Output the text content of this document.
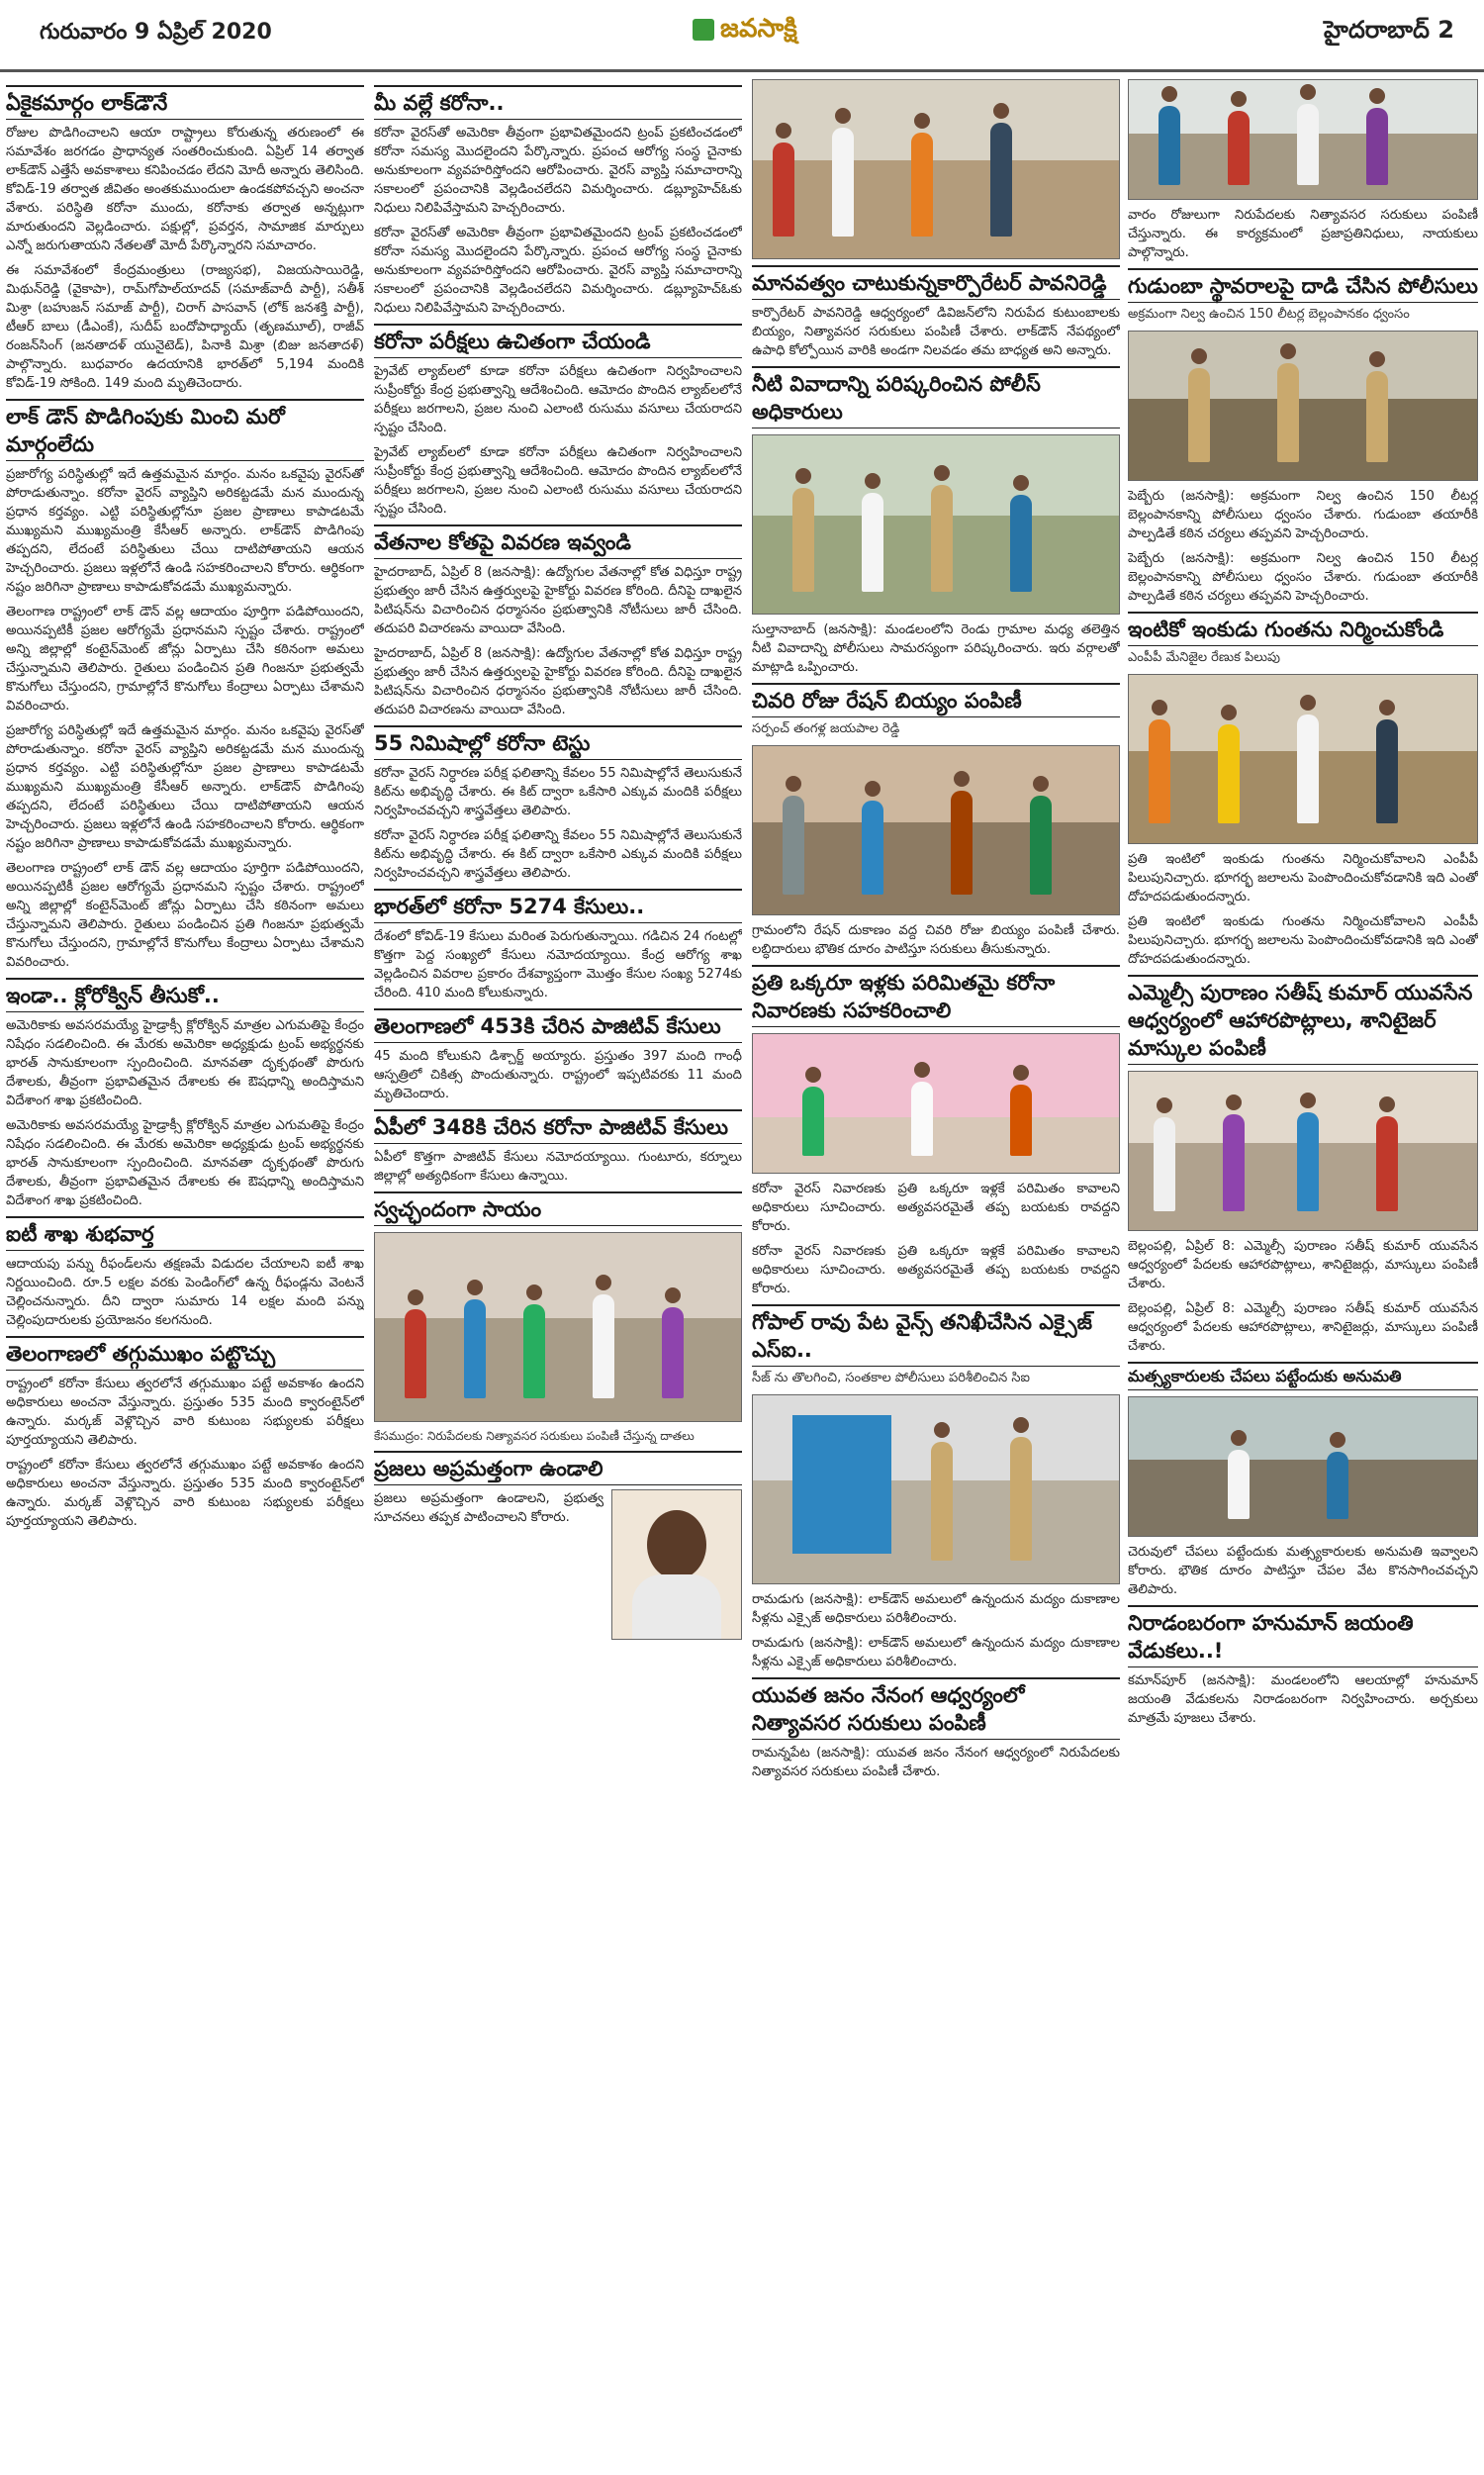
గురువారం 9 ఏప్రిల్ 2020	జవసాక్షి	హైదరాబాద్ 2
ఏకైకమార్గం లాక్‌డౌనే
రోజుల పొడిగించాలని ఆయా రాష్ట్రాలు కోరుతున్న తరుణంలో ఈ సమావేశం జరగడం ప్రాధాన్యత సంతరించుకుంది. ఏప్రిల్ 14 తర్వాత లాక్‌డౌన్ ఎత్తేసే అవకాశాలు కనిపించడం లేదని మోదీ అన్నారు తెలిసింది. కోవిడ్-19 తర్వాత జీవితం అంతకుముందులా ఉండకపోవచ్చని అంచనా వేశారు. పరిస్థితి కరోనా ముందు, కరోనాకు తర్వాత అన్నట్లుగా మారుతుందని వెల్లడించారు. పక్షుల్లో, ప్రవర్తన, సామాజిక మార్పులు ఎన్నో జరుగుతాయని నేతలతో మోదీ పేర్కొన్నారని సమాచారం.
ఈ సమావేశంలో కేంద్రమంత్రులు (రాజ్యసభ), విజయసాయిరెడ్డి, మిథున్‌రెడ్డి (వైకాపా), రామ్‌గోపాల్‌యాదవ్ (సమాజ్‌వాదీ పార్టీ), సతీశ్ మిశ్రా (బహుజన్ సమాజ్ పార్టీ), చిరాగ్ పాసవాన్ (లోక్ జనశక్తి పార్టీ), టీఆర్ బాలు (డీఎంకే), సుదీప్ బందోపాధ్యాయ్ (తృణమూల్), రాజీవ్ రంజన్‌సింగ్ (జనతాదళ్ యునైటెడ్), పినాకి మిశ్రా (బిజు జనతాదళ్) పాల్గొన్నారు. బుధవారం ఉదయానికి భారత్‌లో 5,194 మందికి కోవిడ్-19 సోకింది. 149 మంది మృతిచెందారు.
లాక్ డౌన్ పొడిగింపుకు మించి మరో మార్గంలేదు
ప్రజారోగ్య పరిస్థితుల్లో ఇదే ఉత్తమమైన మార్గం. మనం ఒకవైపు వైరస్‌తో పోరాడుతున్నాం. కరోనా వైరస్ వ్యాప్తిని అరికట్టడమే మన ముందున్న ప్రధాన కర్తవ్యం. ఎట్టి పరిస్థితుల్లోనూ ప్రజల ప్రాణాలు కాపాడటమే ముఖ్యమని ముఖ్యమంత్రి కేసీఆర్ అన్నారు. లాక్‌డౌన్ పొడిగింపు తప్పదని, లేదంటే పరిస్థితులు చేయి దాటిపోతాయని ఆయన హెచ్చరించారు. ప్రజలు ఇళ్లలోనే ఉండి సహకరించాలని కోరారు. ఆర్థికంగా నష్టం జరిగినా ప్రాణాలు కాపాడుకోవడమే ముఖ్యమన్నారు.
తెలంగాణ రాష్ట్రంలో లాక్ డౌన్ వల్ల ఆదాయం పూర్తిగా పడిపోయిందని, అయినప్పటికీ ప్రజల ఆరోగ్యమే ప్రధానమని స్పష్టం చేశారు. రాష్ట్రంలో అన్ని జిల్లాల్లో కంటైన్‌మెంట్ జోన్లు ఏర్పాటు చేసి కఠినంగా అమలు చేస్తున్నామని తెలిపారు. రైతులు పండించిన ప్రతి గింజనూ ప్రభుత్వమే కొనుగోలు చేస్తుందని, గ్రామాల్లోనే కొనుగోలు కేంద్రాలు ఏర్పాటు చేశామని వివరించారు.
ప్రజారోగ్య పరిస్థితుల్లో ఇదే ఉత్తమమైన మార్గం. మనం ఒకవైపు వైరస్‌తో పోరాడుతున్నాం. కరోనా వైరస్ వ్యాప్తిని అరికట్టడమే మన ముందున్న ప్రధాన కర్తవ్యం. ఎట్టి పరిస్థితుల్లోనూ ప్రజల ప్రాణాలు కాపాడటమే ముఖ్యమని ముఖ్యమంత్రి కేసీఆర్ అన్నారు. లాక్‌డౌన్ పొడిగింపు తప్పదని, లేదంటే పరిస్థితులు చేయి దాటిపోతాయని ఆయన హెచ్చరించారు. ప్రజలు ఇళ్లలోనే ఉండి సహకరించాలని కోరారు. ఆర్థికంగా నష్టం జరిగినా ప్రాణాలు కాపాడుకోవడమే ముఖ్యమన్నారు.
తెలంగాణ రాష్ట్రంలో లాక్ డౌన్ వల్ల ఆదాయం పూర్తిగా పడిపోయిందని, అయినప్పటికీ ప్రజల ఆరోగ్యమే ప్రధానమని స్పష్టం చేశారు. రాష్ట్రంలో అన్ని జిల్లాల్లో కంటైన్‌మెంట్ జోన్లు ఏర్పాటు చేసి కఠినంగా అమలు చేస్తున్నామని తెలిపారు. రైతులు పండించిన ప్రతి గింజనూ ప్రభుత్వమే కొనుగోలు చేస్తుందని, గ్రామాల్లోనే కొనుగోలు కేంద్రాలు ఏర్పాటు చేశామని వివరించారు.
ఇండా.. క్లోరోక్విన్ తీసుకో..
అమెరికాకు అవసరమయ్యే హైడ్రాక్సీ క్లోరోక్విన్ మాత్రల ఎగుమతిపై కేంద్రం నిషేధం సడలించింది. ఈ మేరకు అమెరికా అధ్యక్షుడు ట్రంప్ అభ్యర్థనకు భారత్ సానుకూలంగా స్పందించింది. మానవతా దృక్పథంతో పొరుగు దేశాలకు, తీవ్రంగా ప్రభావితమైన దేశాలకు ఈ ఔషధాన్ని అందిస్తామని విదేశాంగ శాఖ ప్రకటించింది.
అమెరికాకు అవసరమయ్యే హైడ్రాక్సీ క్లోరోక్విన్ మాత్రల ఎగుమతిపై కేంద్రం నిషేధం సడలించింది. ఈ మేరకు అమెరికా అధ్యక్షుడు ట్రంప్ అభ్యర్థనకు భారత్ సానుకూలంగా స్పందించింది. మానవతా దృక్పథంతో పొరుగు దేశాలకు, తీవ్రంగా ప్రభావితమైన దేశాలకు ఈ ఔషధాన్ని అందిస్తామని విదేశాంగ శాఖ ప్రకటించింది.
ఐటీ శాఖ శుభవార్త
ఆదాయపు పన్ను రీఫండ్‌లను తక్షణమే విడుదల చేయాలని ఐటీ శాఖ నిర్ణయించింది. రూ.5 లక్షల వరకు పెండింగ్‌లో ఉన్న రీఫండ్లను వెంటనే చెల్లించనున్నారు. దీని ద్వారా సుమారు 14 లక్షల మంది పన్ను చెల్లింపుదారులకు ప్రయోజనం కలగనుంది.
తెలంగాణలో తగ్గుముఖం పట్టొచ్చు
రాష్ట్రంలో కరోనా కేసులు త్వరలోనే తగ్గుముఖం పట్టే అవకాశం ఉందని అధికారులు అంచనా వేస్తున్నారు. ప్రస్తుతం 535 మంది క్వారంటైన్‌లో ఉన్నారు. మర్కజ్ వెళ్లొచ్చిన వారి కుటుంబ సభ్యులకు పరీక్షలు పూర్తయ్యాయని తెలిపారు.
రాష్ట్రంలో కరోనా కేసులు త్వరలోనే తగ్గుముఖం పట్టే అవకాశం ఉందని అధికారులు అంచనా వేస్తున్నారు. ప్రస్తుతం 535 మంది క్వారంటైన్‌లో ఉన్నారు. మర్కజ్ వెళ్లొచ్చిన వారి కుటుంబ సభ్యులకు పరీక్షలు పూర్తయ్యాయని తెలిపారు.
మీ వల్లే కరోనా..
కరోనా వైరస్‌తో అమెరికా తీవ్రంగా ప్రభావితమైందని ట్రంప్ ప్రకటించడంలో కరోనా సమస్య మొదలైందని పేర్కొన్నారు. ప్రపంచ ఆరోగ్య సంస్థ చైనాకు అనుకూలంగా వ్యవహరిస్తోందని ఆరోపించారు. వైరస్ వ్యాప్తి సమాచారాన్ని సకాలంలో ప్రపంచానికి వెల్లడించలేదని విమర్శించారు. డబ్ల్యూహెచ్‌ఓకు నిధులు నిలిపివేస్తామని హెచ్చరించారు.
కరోనా వైరస్‌తో అమెరికా తీవ్రంగా ప్రభావితమైందని ట్రంప్ ప్రకటించడంలో కరోనా సమస్య మొదలైందని పేర్కొన్నారు. ప్రపంచ ఆరోగ్య సంస్థ చైనాకు అనుకూలంగా వ్యవహరిస్తోందని ఆరోపించారు. వైరస్ వ్యాప్తి సమాచారాన్ని సకాలంలో ప్రపంచానికి వెల్లడించలేదని విమర్శించారు. డబ్ల్యూహెచ్‌ఓకు నిధులు నిలిపివేస్తామని హెచ్చరించారు.
కరోనా పరీక్షలు ఉచితంగా చేయండి
ప్రైవేట్ ల్యాబ్‌లలో కూడా కరోనా పరీక్షలు ఉచితంగా నిర్వహించాలని సుప్రీంకోర్టు కేంద్ర ప్రభుత్వాన్ని ఆదేశించింది. ఆమోదం పొందిన ల్యాబ్‌లలోనే పరీక్షలు జరగాలని, ప్రజల నుంచి ఎలాంటి రుసుము వసూలు చేయరాదని స్పష్టం చేసింది.
ప్రైవేట్ ల్యాబ్‌లలో కూడా కరోనా పరీక్షలు ఉచితంగా నిర్వహించాలని సుప్రీంకోర్టు కేంద్ర ప్రభుత్వాన్ని ఆదేశించింది. ఆమోదం పొందిన ల్యాబ్‌లలోనే పరీక్షలు జరగాలని, ప్రజల నుంచి ఎలాంటి రుసుము వసూలు చేయరాదని స్పష్టం చేసింది.
వేతనాల కోతపై వివరణ ఇవ్వండి
హైదరాబాద్, ఏప్రిల్ 8 (జనసాక్షి): ఉద్యోగుల వేతనాల్లో కోత విధిస్తూ రాష్ట్ర ప్రభుత్వం జారీ చేసిన ఉత్తర్వులపై హైకోర్టు వివరణ కోరింది. దీనిపై దాఖలైన పిటిషన్‌ను విచారించిన ధర్మాసనం ప్రభుత్వానికి నోటీసులు జారీ చేసింది. తదుపరి విచారణను వాయిదా వేసింది.
హైదరాబాద్, ఏప్రిల్ 8 (జనసాక్షి): ఉద్యోగుల వేతనాల్లో కోత విధిస్తూ రాష్ట్ర ప్రభుత్వం జారీ చేసిన ఉత్తర్వులపై హైకోర్టు వివరణ కోరింది. దీనిపై దాఖలైన పిటిషన్‌ను విచారించిన ధర్మాసనం ప్రభుత్వానికి నోటీసులు జారీ చేసింది. తదుపరి విచారణను వాయిదా వేసింది.
55 నిమిషాల్లో కరోనా టెస్టు
కరోనా వైరస్ నిర్ధారణ పరీక్ష ఫలితాన్ని కేవలం 55 నిమిషాల్లోనే తెలుసుకునే కిట్‌ను అభివృద్ధి చేశారు. ఈ కిట్ ద్వారా ఒకేసారి ఎక్కువ మందికి పరీక్షలు నిర్వహించవచ్చని శాస్త్రవేత్తలు తెలిపారు.
కరోనా వైరస్ నిర్ధారణ పరీక్ష ఫలితాన్ని కేవలం 55 నిమిషాల్లోనే తెలుసుకునే కిట్‌ను అభివృద్ధి చేశారు. ఈ కిట్ ద్వారా ఒకేసారి ఎక్కువ మందికి పరీక్షలు నిర్వహించవచ్చని శాస్త్రవేత్తలు తెలిపారు.
భారత్‌లో కరోనా 5274 కేసులు..
దేశంలో కోవిడ్-19 కేసులు మరింత పెరుగుతున్నాయి. గడిచిన 24 గంటల్లో కొత్తగా పెద్ద సంఖ్యలో కేసులు నమోదయ్యాయి. కేంద్ర ఆరోగ్య శాఖ వెల్లడించిన వివరాల ప్రకారం దేశవ్యాప్తంగా మొత్తం కేసుల సంఖ్య 5274కు చేరింది. 410 మంది కోలుకున్నారు.
తెలంగాణలో 453కి చేరిన పాజిటివ్ కేసులు
45 మంది కోలుకుని డిశ్చార్జ్ అయ్యారు. ప్రస్తుతం 397 మంది గాంధీ ఆస్పత్రిలో చికిత్స పొందుతున్నారు. రాష్ట్రంలో ఇప్పటివరకు 11 మంది మృతిచెందారు.
ఏపీలో 348కి చేరిన కరోనా పాజిటివ్ కేసులు
ఏపీలో కొత్తగా పాజిటివ్ కేసులు నమోదయ్యాయి. గుంటూరు, కర్నూలు జిల్లాల్లో అత్యధికంగా కేసులు ఉన్నాయి.
స్వచ్ఛందంగా సాయం
కేసముద్రం: నిరుపేదలకు నిత్యావసర సరుకులు పంపిణీ చేస్తున్న దాతలు
ప్రజలు అప్రమత్తంగా ఉండాలి
ప్రజలు అప్రమత్తంగా ఉండాలని, ప్రభుత్వ సూచనలు తప్పక పాటించాలని కోరారు.
మానవత్వం చాటుకున్నకార్పొరేటర్ పావనిరెడ్డి
కార్పొరేటర్ పావనిరెడ్డి ఆధ్వర్యంలో డివిజన్‌లోని నిరుపేద కుటుంబాలకు బియ్యం, నిత్యావసర సరుకులు పంపిణీ చేశారు. లాక్‌డౌన్ నేపథ్యంలో ఉపాధి కోల్పోయిన వారికి అండగా నిలవడం తమ బాధ్యత అని అన్నారు.
నీటి వివాదాన్ని పరిష్కరించిన పోలీస్ అధికారులు
సుల్తానాబాద్ (జనసాక్షి): మండలంలోని రెండు గ్రామాల మధ్య తలెత్తిన నీటి వివాదాన్ని పోలీసులు సామరస్యంగా పరిష్కరించారు. ఇరు వర్గాలతో మాట్లాడి ఒప్పించారు.
చివరి రోజు రేషన్ బియ్యం పంపిణీ
సర్పంచ్ తంగళ్ల జయపాల రెడ్డి
గ్రామంలోని రేషన్ దుకాణం వద్ద చివరి రోజు బియ్యం పంపిణీ చేశారు. లబ్ధిదారులు భౌతిక దూరం పాటిస్తూ సరుకులు తీసుకున్నారు.
ప్రతి ఒక్కరూ ఇళ్లకు పరిమితమై కరోనా నివారణకు సహకరించాలి
కరోనా వైరస్ నివారణకు ప్రతి ఒక్కరూ ఇళ్లకే పరిమితం కావాలని అధికారులు సూచించారు. అత్యవసరమైతే తప్ప బయటకు రావద్దని కోరారు.
కరోనా వైరస్ నివారణకు ప్రతి ఒక్కరూ ఇళ్లకే పరిమితం కావాలని అధికారులు సూచించారు. అత్యవసరమైతే తప్ప బయటకు రావద్దని కోరారు.
గోపాల్ రావు పేట వైన్స్ తనిఖీచేసిన ఎక్సైజ్ ఎస్ఐ..
సీజ్ ను తొలగించి, సంతకాల పోలీసులు పరిశీలించిన సిఐ
రామడుగు (జనసాక్షి): లాక్‌డౌన్ అమలులో ఉన్నందున మద్యం దుకాణాల సీళ్లను ఎక్సైజ్ అధికారులు పరిశీలించారు.
రామడుగు (జనసాక్షి): లాక్‌డౌన్ అమలులో ఉన్నందున మద్యం దుకాణాల సీళ్లను ఎక్సైజ్ అధికారులు పరిశీలించారు.
యువత జనం నేనంగ ఆధ్వర్యంలో నిత్యావసర సరుకులు పంపిణీ
రామన్నపేట (జనసాక్షి): యువత జనం నేనంగ ఆధ్వర్యంలో నిరుపేదలకు నిత్యావసర సరుకులు పంపిణీ చేశారు.
వారం రోజులుగా నిరుపేదలకు నిత్యావసర సరుకులు పంపిణీ చేస్తున్నారు. ఈ కార్యక్రమంలో ప్రజాప్రతినిధులు, నాయకులు పాల్గొన్నారు.
గుడుంబా స్థావరాలపై దాడి చేసిన పోలీసులు
అక్రమంగా నిల్వ ఉంచిన 150 లీటర్ల బెల్లంపానకం ధ్వంసం
పెబ్బేరు (జనసాక్షి): అక్రమంగా నిల్వ ఉంచిన 150 లీటర్ల బెల్లంపానకాన్ని పోలీసులు ధ్వంసం చేశారు. గుడుంబా తయారీకి పాల్పడితే కఠిన చర్యలు తప్పవని హెచ్చరించారు.
పెబ్బేరు (జనసాక్షి): అక్రమంగా నిల్వ ఉంచిన 150 లీటర్ల బెల్లంపానకాన్ని పోలీసులు ధ్వంసం చేశారు. గుడుంబా తయారీకి పాల్పడితే కఠిన చర్యలు తప్పవని హెచ్చరించారు.
ఇంటికో ఇంకుడు గుంతను నిర్మించుకోండి
ఎంపీపీ మేనిజైల రేణుక పిలుపు
ప్రతి ఇంటిలో ఇంకుడు గుంతను నిర్మించుకోవాలని ఎంపీపీ పిలుపునిచ్చారు. భూగర్భ జలాలను పెంపొందించుకోవడానికి ఇది ఎంతో దోహదపడుతుందన్నారు.
ప్రతి ఇంటిలో ఇంకుడు గుంతను నిర్మించుకోవాలని ఎంపీపీ పిలుపునిచ్చారు. భూగర్భ జలాలను పెంపొందించుకోవడానికి ఇది ఎంతో దోహదపడుతుందన్నారు.
ఎమ్మెల్సీ పురాణం సతీష్ కుమార్ యువసేన ఆధ్వర్యంలో ఆహారపొట్లాలు, శానిటైజర్ మాస్కుల పంపిణీ
బెల్లంపల్లి, ఏప్రిల్ 8: ఎమ్మెల్సీ పురాణం సతీష్ కుమార్ యువసేన ఆధ్వర్యంలో పేదలకు ఆహారపొట్లాలు, శానిటైజర్లు, మాస్కులు పంపిణీ చేశారు.
బెల్లంపల్లి, ఏప్రిల్ 8: ఎమ్మెల్సీ పురాణం సతీష్ కుమార్ యువసేన ఆధ్వర్యంలో పేదలకు ఆహారపొట్లాలు, శానిటైజర్లు, మాస్కులు పంపిణీ చేశారు.
మత్స్యకారులకు చేపలు పట్టేందుకు అనుమతి
చెరువులో చేపలు పట్టేందుకు మత్స్యకారులకు అనుమతి ఇవ్వాలని కోరారు. భౌతిక దూరం పాటిస్తూ చేపల వేట కొనసాగించవచ్చని తెలిపారు.
నిరాడంబరంగా హనుమాన్ జయంతి వేడుకలు..!
కమాన్‌పూర్ (జనసాక్షి): మండలంలోని ఆలయాల్లో హనుమాన్ జయంతి వేడుకలను నిరాడంబరంగా నిర్వహించారు. అర్చకులు మాత్రమే పూజలు చేశారు.
